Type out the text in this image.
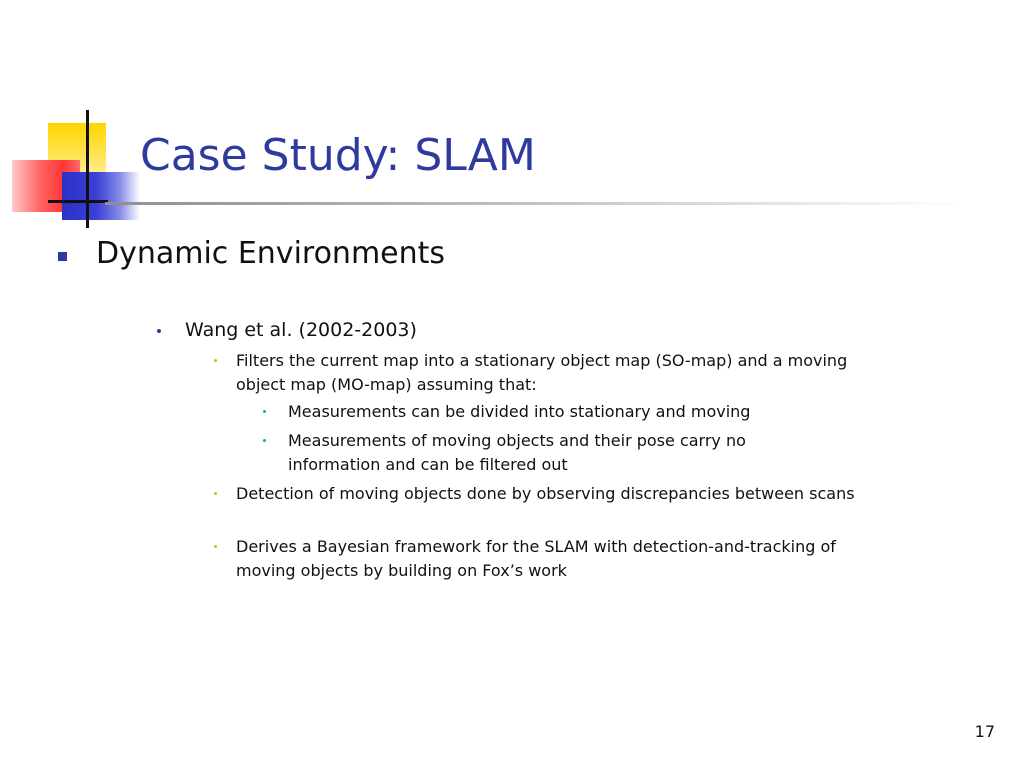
Case Study: SLAM
Dynamic Environments
Wang et al. (2002-2003)
Filters the current map into a stationary object map (SO-map) and a moving object map (MO-map) assuming that:
Measurements can be divided into stationary and moving
Measurements of moving objects and their pose carry no information and can be filtered out
Detection of moving objects done by observing discrepancies between scans
Derives a Bayesian framework for the SLAM with detection-and-tracking of moving objects by building on Fox’s work
17
